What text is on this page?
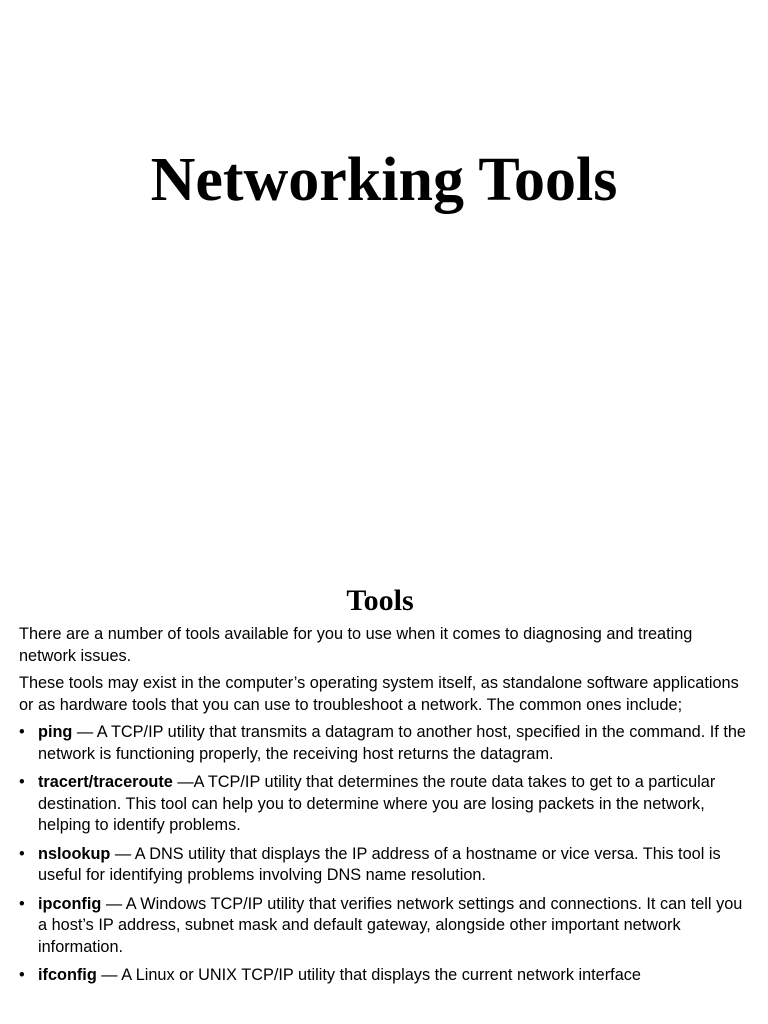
Networking Tools
Tools

There are a number of tools available for you to use when it comes to diagnosing and treating network issues.

These tools may exist in the computer’s operating system itself, as standalone software applications or as hardware tools that you can use to troubleshoot a network. The common ones include;

• ping — A TCP/IP utility that transmits a datagram to another host, specified in the command. If the network is functioning properly, the receiving host returns the datagram.
• tracert/traceroute —A TCP/IP utility that determines the route data takes to get to a particular destination. This tool can help you to determine where you are losing packets in the network, helping to identify problems.
• nslookup — A DNS utility that displays the IP address of a hostname or vice versa. This tool is useful for identifying problems involving DNS name resolution.
• ipconfig — A Windows TCP/IP utility that verifies network settings and connections. It can tell you a host’s IP address, subnet mask and default gateway, alongside other important network information.
• ifconfig — A Linux or UNIX TCP/IP utility that displays the current network interface
